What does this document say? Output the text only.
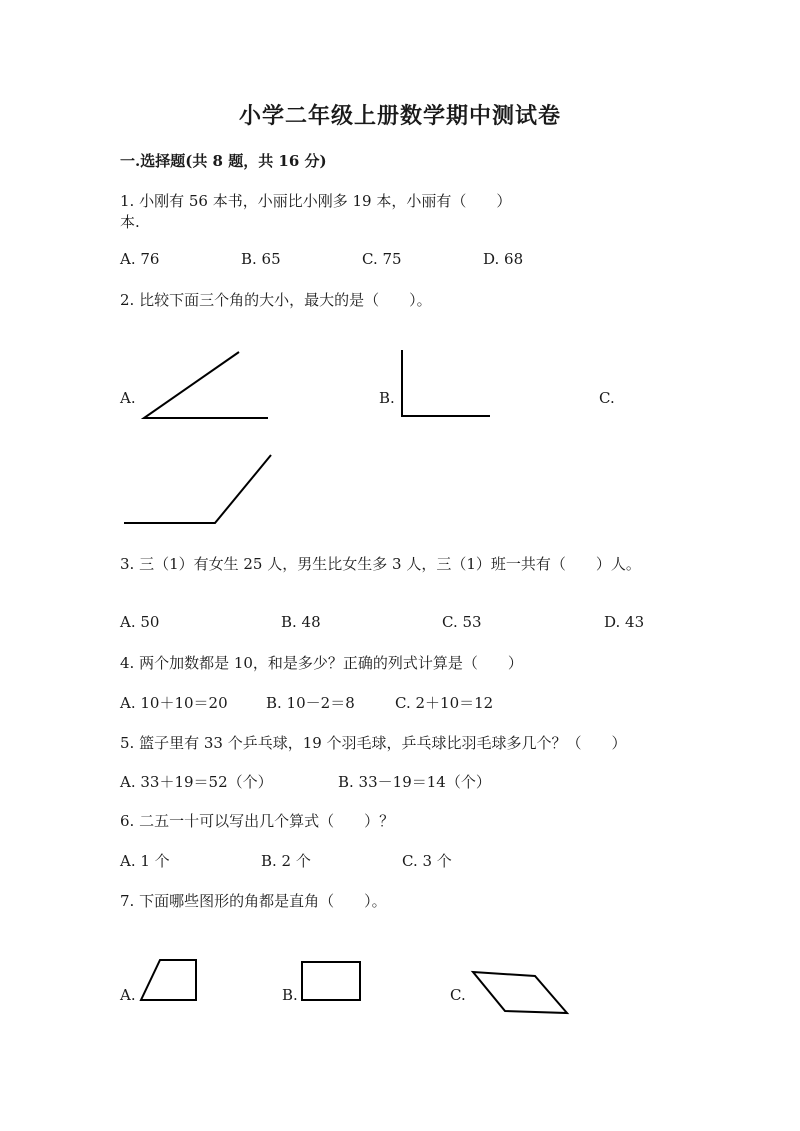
小学二年级上册数学期中测试卷
一.选择题(共 8 题，共 16 分)
1. 小刚有 56 本书，小丽比小刚多 19 本，小丽有（　　）
本.
A. 76	B. 65	C. 75	D. 68
2. 比较下面三个角的大小，最大的是（　　）。
A.	B.	C.
3. 三（1）有女生 25 人，男生比女生多 3 人，三（1）班一共有（　　）人。
A. 50	B. 48	C. 53	D. 43
4. 两个加数都是 10，和是多少？正确的列式计算是（　　）
A. 10＋10＝20	B. 10－2＝8	C. 2＋10＝12
5. 篮子里有 33 个乒乓球，19 个羽毛球，乒乓球比羽毛球多几个？（　　）
A. 33＋19＝52（个）	B. 33－19＝14（个）
6. 二五一十可以写出几个算式（　　）？
A. 1 个	B. 2 个	C. 3 个
7. 下面哪些图形的角都是直角（　　）。
A.	B.	C.
